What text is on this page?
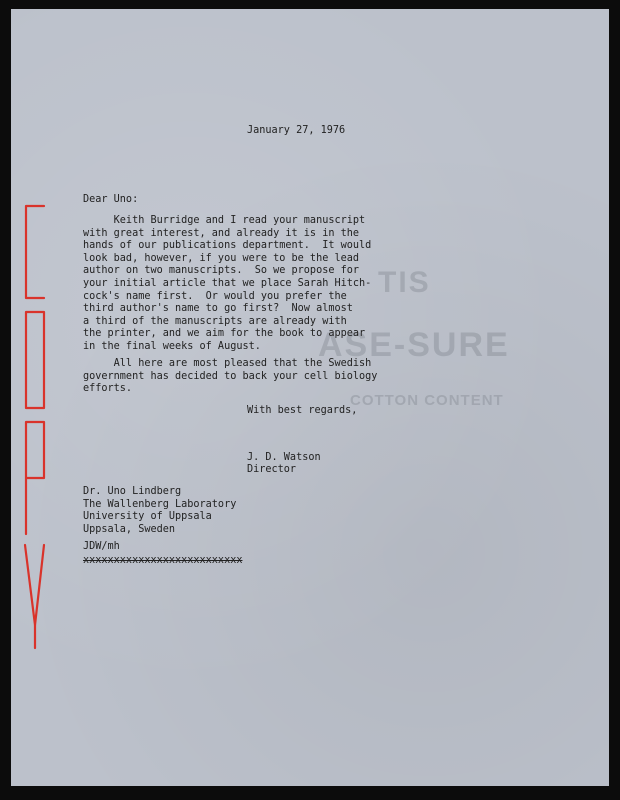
TIS
ASE-SURE
COTTON CONTENT
January 27, 1976
Dear Uno:
Keith Burridge and I read your manuscript
with great interest, and already it is in the
hands of our publications department.  It would
look bad, however, if you were to be the lead
author on two manuscripts.  So we propose for
your initial article that we place Sarah Hitch-
cock's name first.  Or would you prefer the
third author's name to go first?  Now almost
a third of the manuscripts are already with
the printer, and we aim for the book to appear
in the final weeks of August.
All here are most pleased that the Swedish
government has decided to back your cell biology
efforts.
With best regards,
J. D. Watson
Director
Dr. Uno Lindberg
The Wallenberg Laboratory
University of Uppsala
Uppsala, Sweden
JDW/mh
xxxxxxxxxxxxxxxxxxxxxxxxxx
